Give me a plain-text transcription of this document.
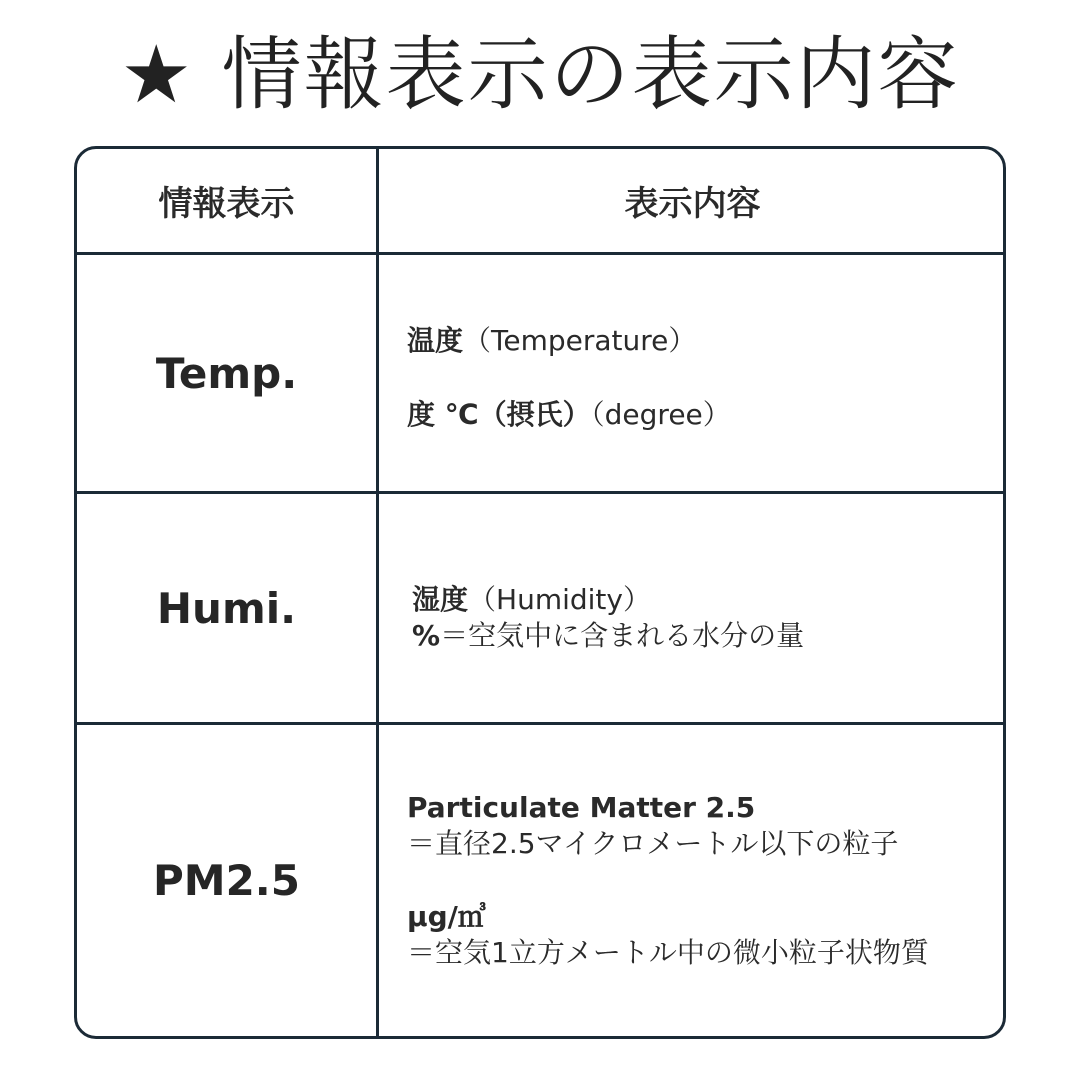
★ 情報表示の表示内容
情報表示	表示内容
Temp.
温度（Temperature）
度 ℃（摂氏）（degree）
Humi.	湿度（Humidity）
%＝空気中に含まれる水分の量
PM2.5
Particulate Matter 2.5
＝直径2.5マイクロメートル以下の粒子
µg/㎥
＝空気1立方メートル中の微小粒子状物質
